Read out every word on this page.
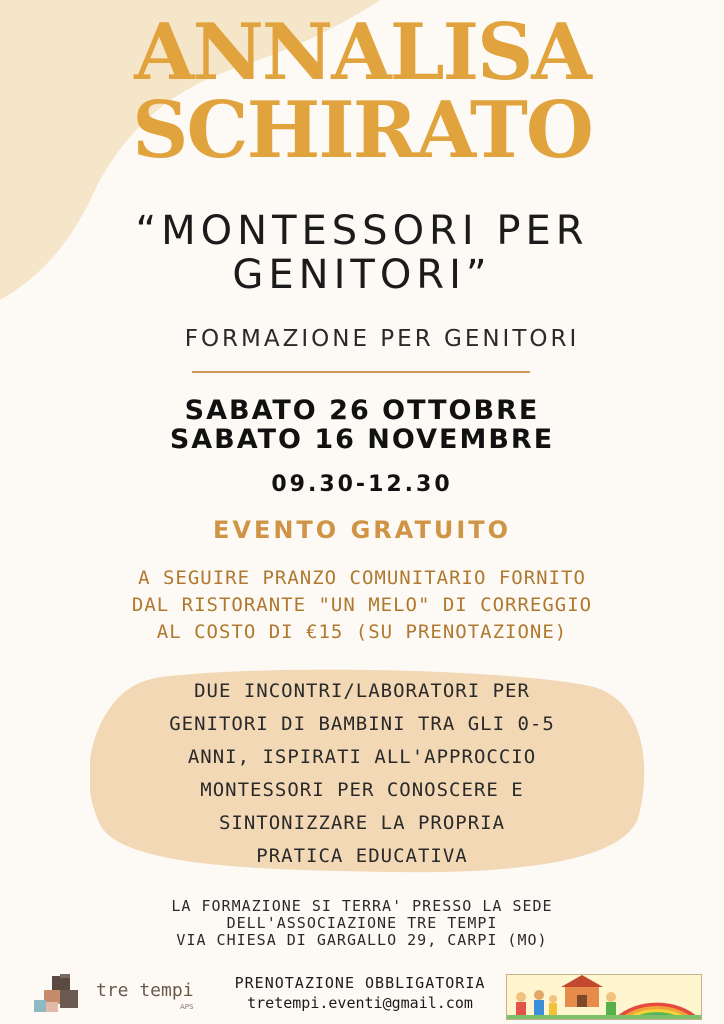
ANNALISA
SCHIRATO
“MONTESSORI PER
GENITORI”
FORMAZIONE PER GENITORI
SABATO 26 OTTOBRE
SABATO 16 NOVEMBRE
09.30-12.30
EVENTO GRATUITO
A SEGUIRE PRANZO COMUNITARIO FORNITO
DAL RISTORANTE "UN MELO" DI CORREGGIO
AL COSTO DI €15 (SU PRENOTAZIONE)
DUE INCONTRI/LABORATORI PER
GENITORI DI BAMBINI TRA GLI 0-5
ANNI, ISPIRATI ALL'APPROCCIO
MONTESSORI PER CONOSCERE E
SINTONIZZARE LA PROPRIA
PRATICA EDUCATIVA
LA FORMAZIONE SI TERRA' PRESSO LA SEDE
DELL'ASSOCIAZIONE TRE TEMPI
VIA CHIESA DI GARGALLO 29, CARPI (MO)
tre tempi
APS
PRENOTAZIONE OBBLIGATORIA
tretempi.eventi@gmail.com
